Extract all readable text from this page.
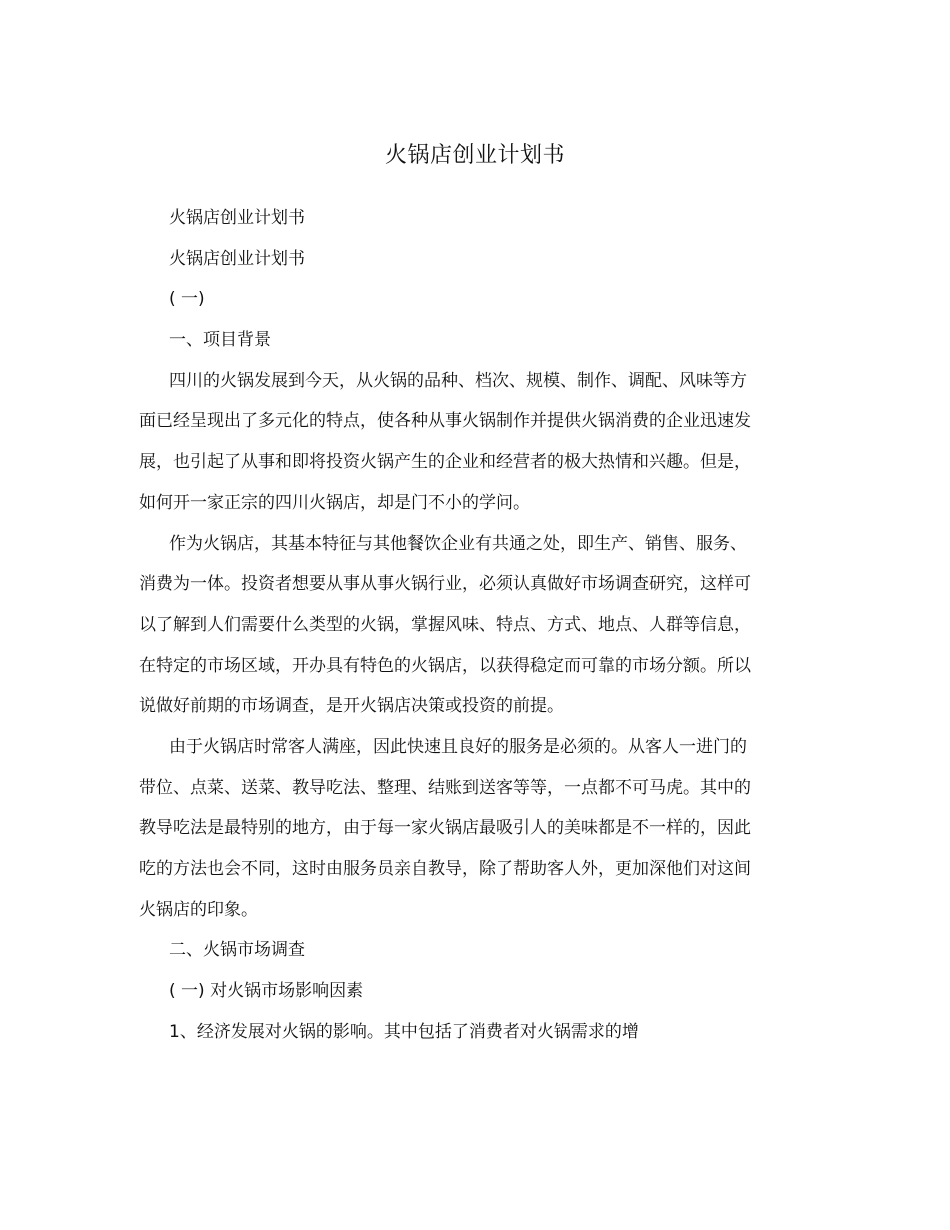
火锅店创业计划书
火锅店创业计划书
火锅店创业计划书
( 一)
一、项目背景
四川的火锅发展到今天，从火锅的品种、档次、规模、制作、调配、风味等方
面已经呈现出了多元化的特点，使各种从事火锅制作并提供火锅消费的企业迅速发
展，也引起了从事和即将投资火锅产生的企业和经营者的极大热情和兴趣。但是，
如何开一家正宗的四川火锅店，却是门不小的学问。
作为火锅店，其基本特征与其他餐饮企业有共通之处，即生产、销售、服务、
消费为一体。投资者想要从事从事火锅行业，必须认真做好市场调查研究，这样可
以了解到人们需要什么类型的火锅，掌握风味、特点、方式、地点、人群等信息，
在特定的市场区域，开办具有特色的火锅店，以获得稳定而可靠的市场分额。所以
说做好前期的市场调查，是开火锅店决策或投资的前提。
由于火锅店时常客人满座，因此快速且良好的服务是必须的。从客人一进门的
带位、点菜、送菜、教导吃法、整理、结账到送客等等，一点都不可马虎。其中的
教导吃法是最特别的地方，由于每一家火锅店最吸引人的美味都是不一样的，因此
吃的方法也会不同，这时由服务员亲自教导，除了帮助客人外，更加深他们对这间
火锅店的印象。
二、火锅市场调查
( 一) 对火锅市场影响因素
1、经济发展对火锅的影响。其中包括了消费者对火锅需求的增
